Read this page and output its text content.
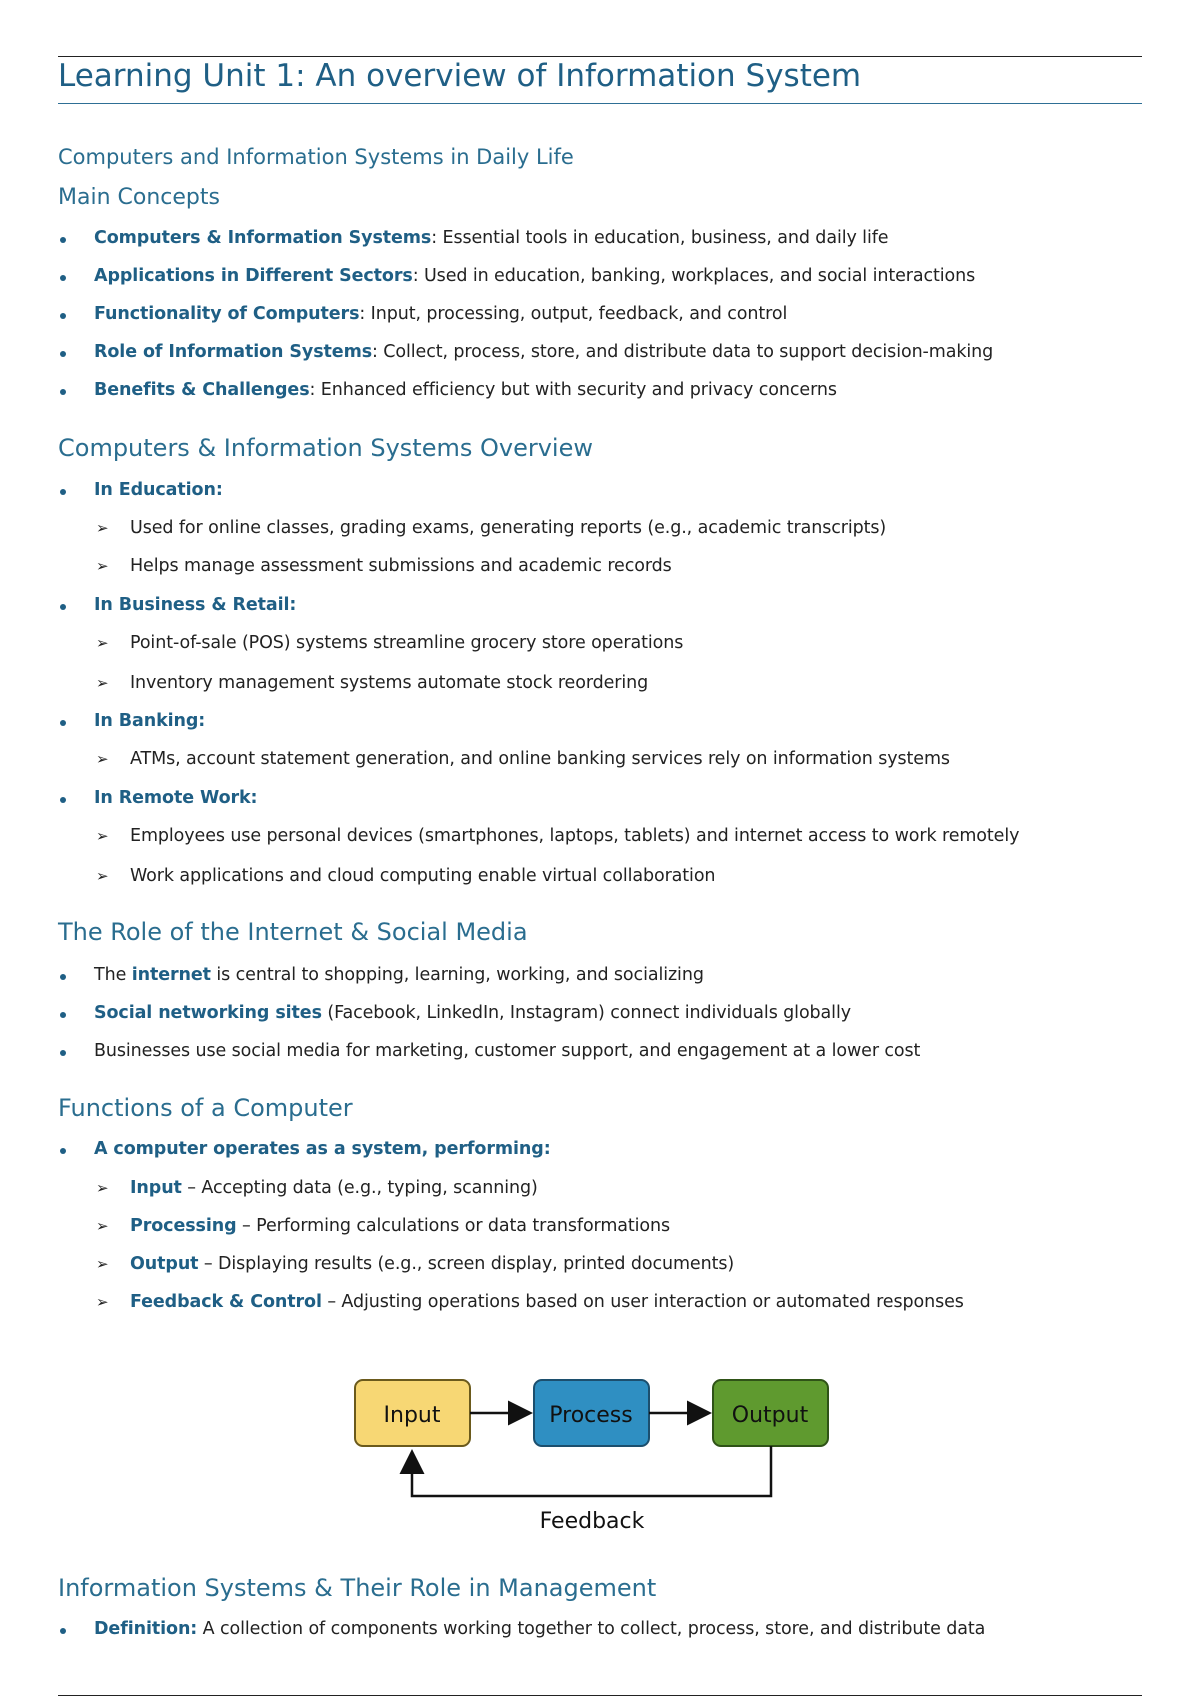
Learning Unit 1: An overview of Information System
Computers and Information Systems in Daily Life
Main Concepts
Computers & Information Systems: Essential tools in education, business, and daily life
Applications in Different Sectors: Used in education, banking, workplaces, and social interactions
Functionality of Computers: Input, processing, output, feedback, and control
Role of Information Systems: Collect, process, store, and distribute data to support decision-making
Benefits & Challenges: Enhanced efficiency but with security and privacy concerns
Computers & Information Systems Overview
In Education:
➢ Used for online classes, grading exams, generating reports (e.g., academic transcripts)
➢ Helps manage assessment submissions and academic records
In Business & Retail:
➢ Point-of-sale (POS) systems streamline grocery store operations
➢ Inventory management systems automate stock reordering
In Banking:
➢ ATMs, account statement generation, and online banking services rely on information systems
In Remote Work:
➢ Employees use personal devices (smartphones, laptops, tablets) and internet access to work remotely
➢ Work applications and cloud computing enable virtual collaboration
The Role of the Internet & Social Media
The internet is central to shopping, learning, working, and socializing
Social networking sites (Facebook, LinkedIn, Instagram) connect individuals globally
Businesses use social media for marketing, customer support, and engagement at a lower cost
Functions of a Computer
A computer operates as a system, performing:
➢ Input – Accepting data (e.g., typing, scanning)
➢ Processing – Performing calculations or data transformations
➢ Output – Displaying results (e.g., screen display, printed documents)
➢ Feedback & Control – Adjusting operations based on user interaction or automated responses
Input	Process	Output
Feedback
Information Systems & Their Role in Management
Definition: A collection of components working together to collect, process, store, and distribute data
